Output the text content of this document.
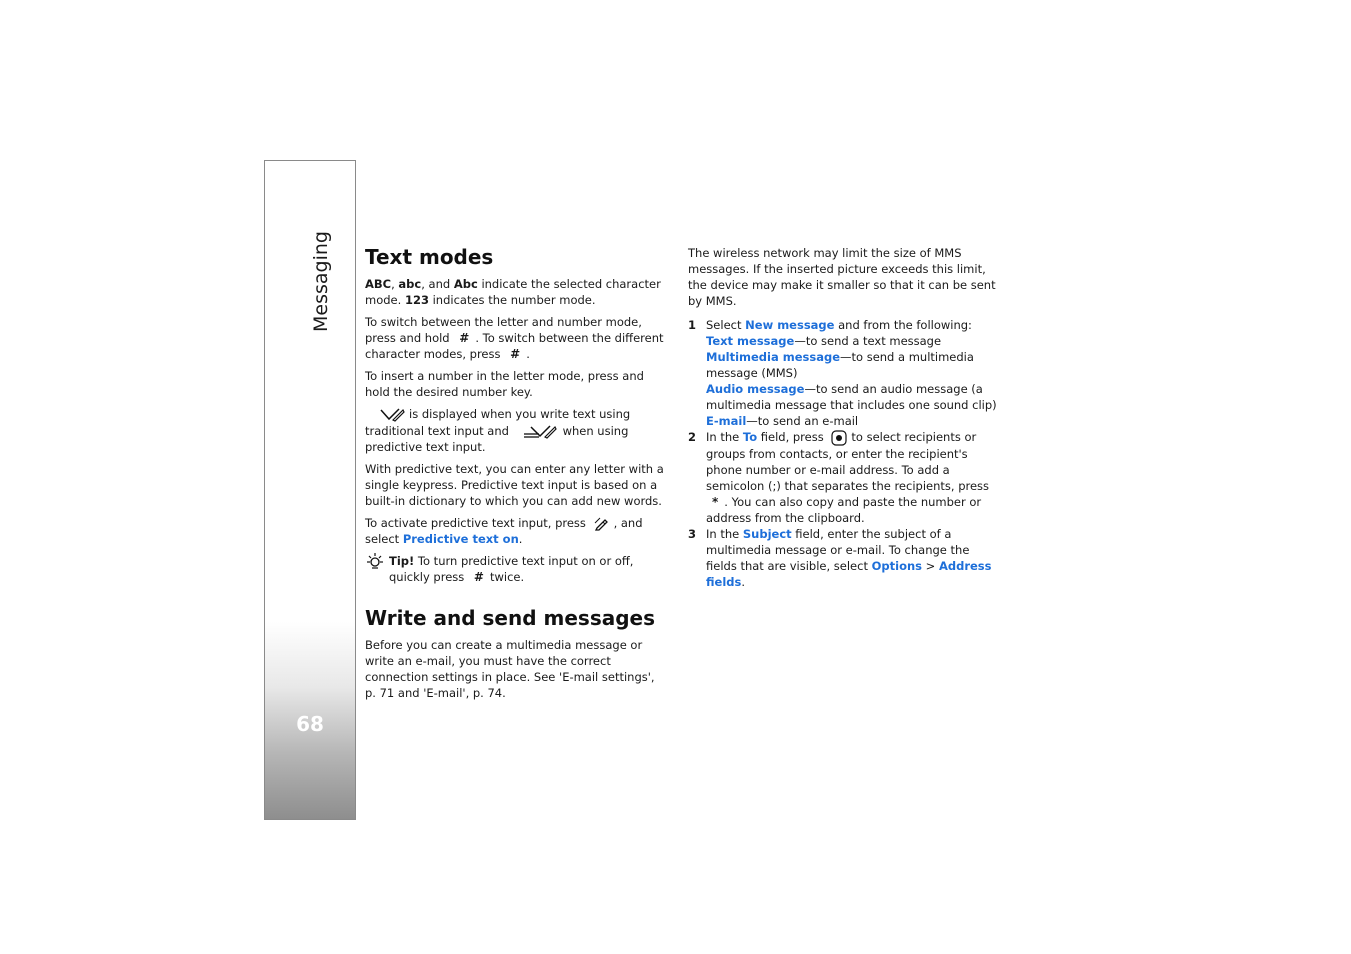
Messaging
68
Text modes

ABC, abc, and Abc indicate the selected character mode. 123 indicates the number mode.

To switch between the letter and number mode, press and hold # . To switch between the different character modes, press # .

To insert a number in the letter mode, press and hold the desired number key.

is displayed when you write text using traditional text input and	when using predictive text input.

With predictive text, you can enter any letter with a single keypress. Predictive text input is based on a built-in dictionary to which you can add new words.

To activate predictive text input, press , and select Predictive text on.

Tip! To turn predictive text input on or off, quickly press # twice.
Write and send messages

Before you can create a multimedia message or write an e-mail, you must have the correct connection settings in place. See 'E-mail settings', p. 71 and 'E-mail', p. 74.

The wireless network may limit the size of MMS messages. If the inserted picture exceeds this limit, the device may make it smaller so that it can be sent by MMS.

1 Select New message and from the following:
Text message—to send a text message
Multimedia message—to send a multimedia message (MMS)
Audio message—to send an audio message (a multimedia message that includes one sound clip)
E-mail—to send an e-mail
2 In the To field, press to select recipients or groups from contacts, or enter the recipient's phone number or e-mail address. To add a semicolon (;) that separates the recipients, press * . You can also copy and paste the number or address from the clipboard.
3 In the Subject field, enter the subject of a multimedia message or e-mail. To change the fields that are visible, select Options > Address fields.
